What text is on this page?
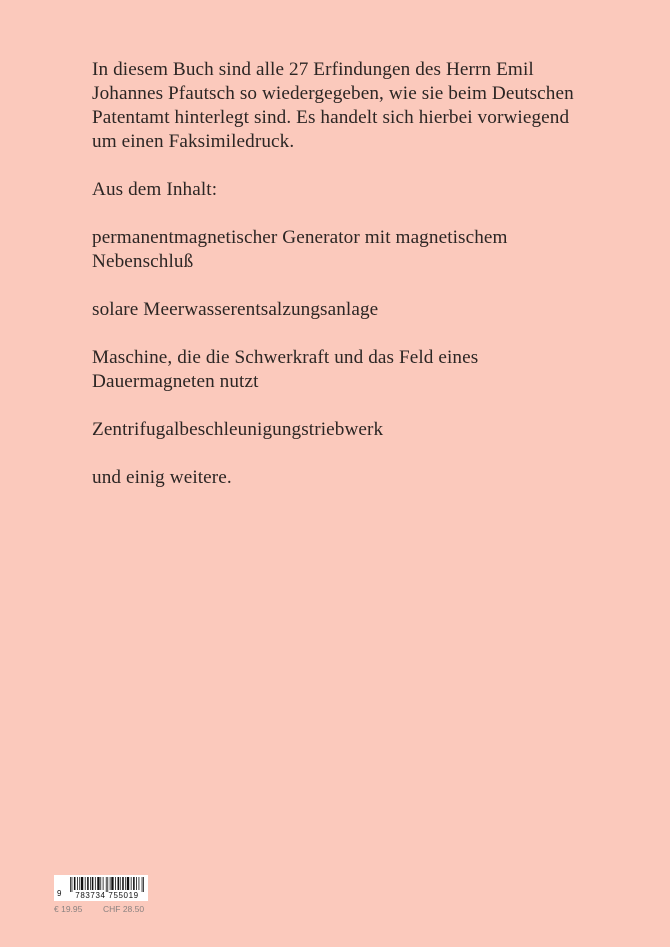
In diesem Buch sind alle 27 Erfindungen des Herrn Emil Johannes Pfautsch so wiedergegeben, wie sie beim Deutschen Patentamt hinterlegt sind. Es handelt sich hierbei vorwiegend um einen Faksimiledruck.

Aus dem Inhalt:

permanentmagnetischer Generator mit magnetischem Nebenschluß

solare Meerwasserentsalzungsanlage

Maschine, die die Schwerkraft und das Feld eines Dauermagneten nutzt

Zentrifugalbeschleunigungstriebwerk

und einig weitere.

9	783734 755019
€ 19.95 CHF 28.50
